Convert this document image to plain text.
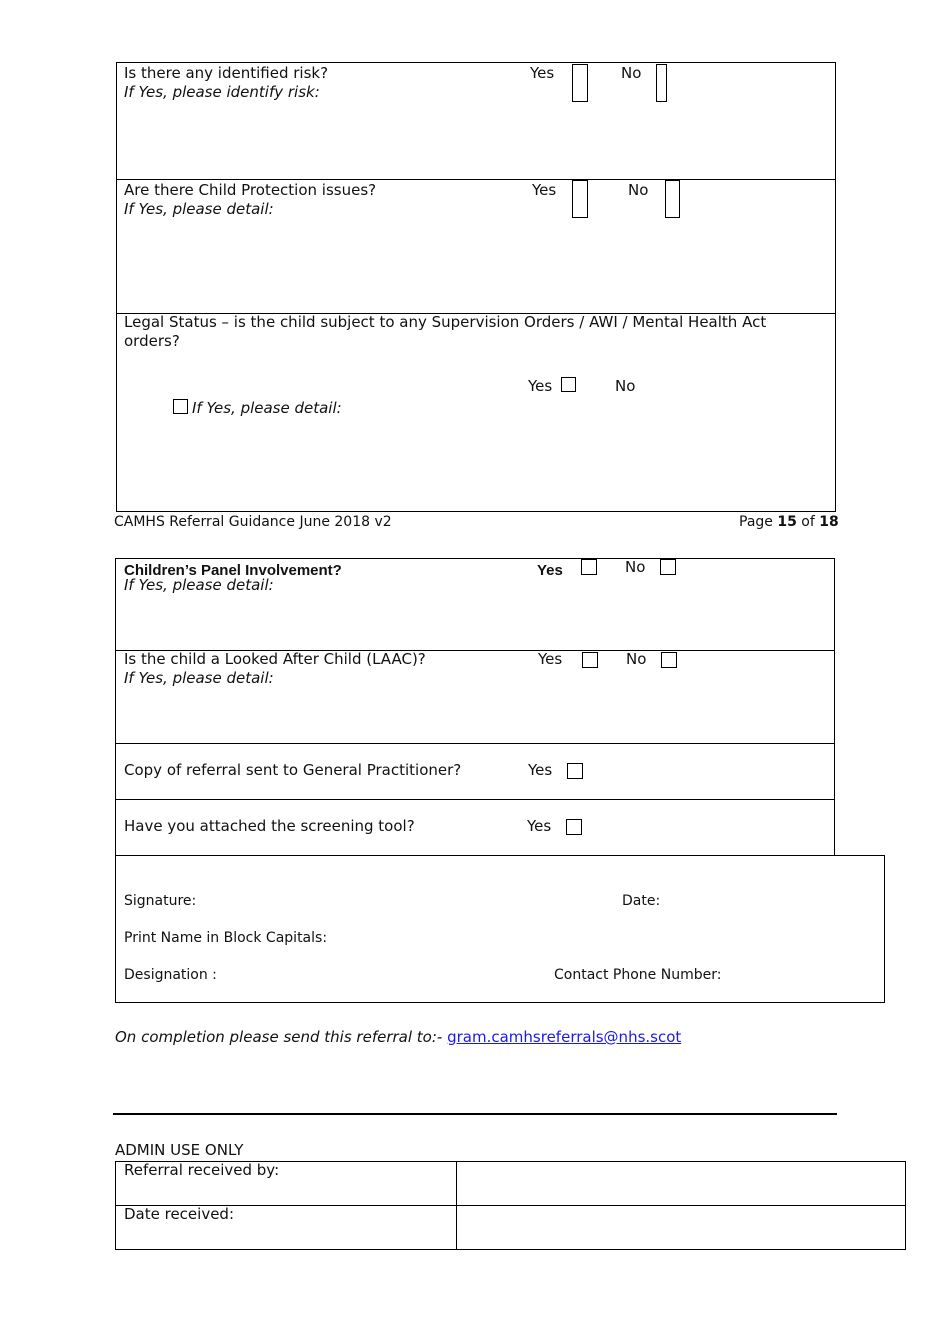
Is there any identified risk?
If Yes, please identify risk:
Yes	No
Are there Child Protection issues?
If Yes, please detail:
Yes	No
Legal Status – is the child subject to any Supervision Orders / AWI / Mental Health Act
orders?
Yes	No
If Yes, please detail:
CAMHS Referral Guidance June 2018 v2	Page 15 of 18
Children’s Panel Involvement?
If Yes, please detail:
Yes	No
Is the child a Looked After Child (LAAC)?
If Yes, please detail:
Yes	No
Copy of referral sent to General Practitioner?	Yes
Have you attached the screening tool?	Yes
Signature:	Date:
Print Name in Block Capitals:
Designation :	Contact Phone Number:
On completion please send this referral to:- gram.camhsreferrals@nhs.scot
ADMIN USE ONLY
Referral received by:
Date received:
